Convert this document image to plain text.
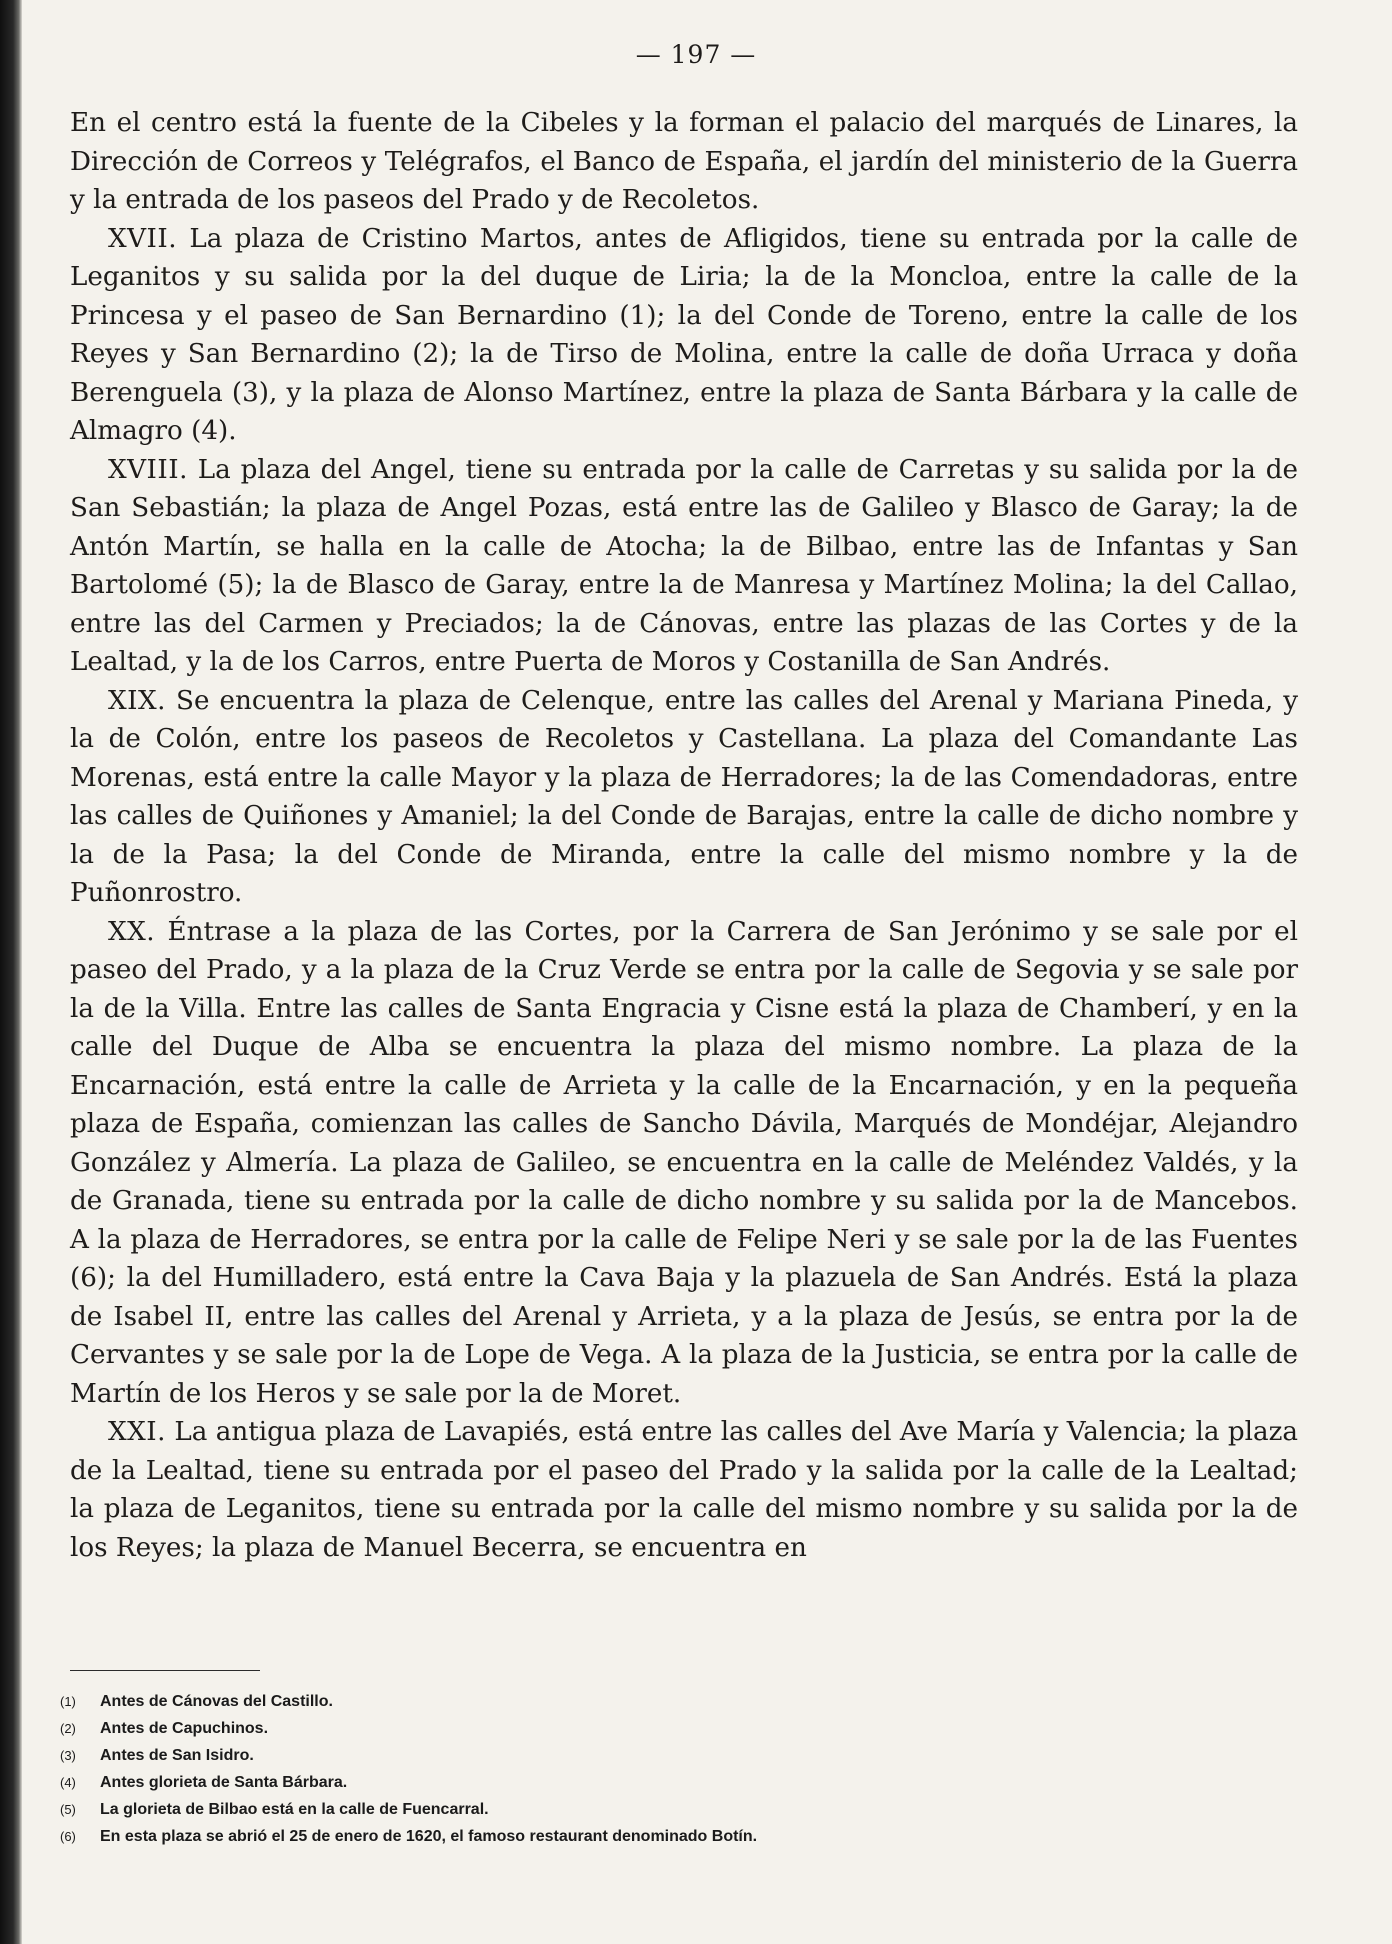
— 197 —

En el centro está la fuente de la Cibeles y la forman el palacio del marqués de Linares, la Dirección de Correos y Telégrafos, el Banco de España, el jardín del ministerio de la Guerra y la entrada de los paseos del Prado y de Recoletos.

XVII. La plaza de Cristino Martos, antes de Afligidos, tiene su entrada por la calle de Leganitos y su salida por la del duque de Liria; la de la Moncloa, entre la calle de la Princesa y el paseo de San Bernardino (1); la del Conde de Toreno, entre la calle de los Reyes y San Bernardino (2); la de Tirso de Molina, entre la calle de doña Urraca y doña Berenguela (3), y la plaza de Alonso Martínez, entre la plaza de Santa Bárbara y la calle de Almagro (4).

XVIII. La plaza del Angel, tiene su entrada por la calle de Carretas y su salida por la de San Sebastián; la plaza de Angel Pozas, está entre las de Galileo y Blasco de Garay; la de Antón Martín, se halla en la calle de Atocha; la de Bilbao, entre las de Infantas y San Bartolomé (5); la de Blasco de Garay, entre la de Manresa y Martínez Molina; la del Callao, entre las del Carmen y Preciados; la de Cánovas, entre las plazas de las Cortes y de la Lealtad, y la de los Carros, entre Puerta de Moros y Costanilla de San Andrés.

XIX. Se encuentra la plaza de Celenque, entre las calles del Arenal y Mariana Pineda, y la de Colón, entre los paseos de Recoletos y Castellana. La plaza del Comandante Las Morenas, está entre la calle Mayor y la plaza de Herradores; la de las Comendadoras, entre las calles de Quiñones y Amaniel; la del Conde de Barajas, entre la calle de dicho nombre y la de la Pasa; la del Conde de Miranda, entre la calle del mismo nombre y la de Puñonrostro.

XX. Éntrase a la plaza de las Cortes, por la Carrera de San Jerónimo y se sale por el paseo del Prado, y a la plaza de la Cruz Verde se entra por la calle de Segovia y se sale por la de la Villa. Entre las calles de Santa Engracia y Cisne está la plaza de Chamberí, y en la calle del Duque de Alba se encuentra la plaza del mismo nombre. La plaza de la Encarnación, está entre la calle de Arrieta y la calle de la Encarnación, y en la pequeña plaza de España, comienzan las calles de Sancho Dávila, Marqués de Mondéjar, Alejandro González y Almería. La plaza de Galileo, se encuentra en la calle de Meléndez Valdés, y la de Granada, tiene su entrada por la calle de dicho nombre y su salida por la de Mancebos. A la plaza de Herradores, se entra por la calle de Felipe Neri y se sale por la de las Fuentes (6); la del Humilladero, está entre la Cava Baja y la plazuela de San Andrés. Está la plaza de Isabel II, entre las calles del Arenal y Arrieta, y a la plaza de Jesús, se entra por la de Cervantes y se sale por la de Lope de Vega. A la plaza de la Justicia, se entra por la calle de Martín de los Heros y se sale por la de Moret.

XXI. La antigua plaza de Lavapiés, está entre las calles del Ave María y Valencia; la plaza de la Lealtad, tiene su entrada por el paseo del Prado y la salida por la calle de la Lealtad; la plaza de Leganitos, tiene su entrada por la calle del mismo nombre y su salida por la de los Reyes; la plaza de Manuel Becerra, se encuentra en

(1) Antes de Cánovas del Castillo.
(2) Antes de Capuchinos.
(3) Antes de San Isidro.
(4) Antes glorieta de Santa Bárbara.
(5) La glorieta de Bilbao está en la calle de Fuencarral.
(6) En esta plaza se abrió el 25 de enero de 1620, el famoso restaurant denominado Botín.
